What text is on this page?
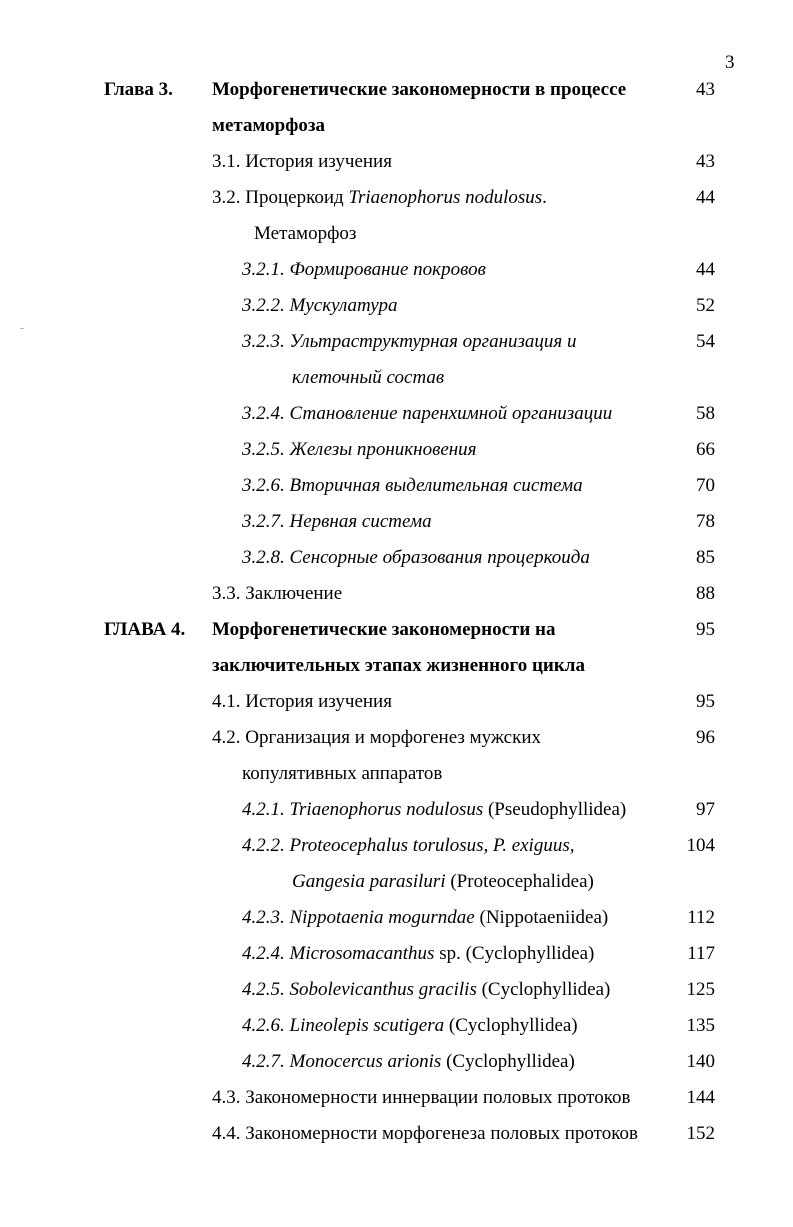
3
Глава 3. Морфогенетические закономерности в процессе	43
метаморфоза
3.1. История изучения	43
3.2. Процеркоид Triaenophorus nodulosus.	44
Метаморфоз
3.2.1. Формирование покровов	44
3.2.2. Мускулатура	52
3.2.3. Ультраструктурная организация и	54
клеточный состав
3.2.4. Становление паренхимной организации	58
3.2.5. Железы проникновения	66
3.2.6. Вторичная выделительная система	70
3.2.7. Нервная система	78
3.2.8. Сенсорные образования процеркоида	85
3.3. Заключение	88
ГЛАВА 4. Морфогенетические закономерности на	95
заключительных этапах жизненного цикла
4.1. История изучения	95
4.2. Организация и морфогенез мужских	96
копулятивных аппаратов
4.2.1. Triaenophorus nodulosus (Pseudophyllidea)	97
4.2.2. Proteocephalus torulosus, P. exiguus,	104
Gangesia parasiluri (Proteocephalidea)
4.2.3. Nippotaenia mogurndae (Nippotaeniidea)	112
4.2.4. Microsomacanthus sp. (Cyclophyllidea)	117
4.2.5. Sobolevicanthus gracilis (Cyclophyllidea)	125
4.2.6. Lineolepis scutigera (Cyclophyllidea)	135
4.2.7. Monocercus arionis (Cyclophyllidea)	140
4.3. Закономерности иннервации половых протоков	144
4.4. Закономерности морфогенеза половых протоков	152
